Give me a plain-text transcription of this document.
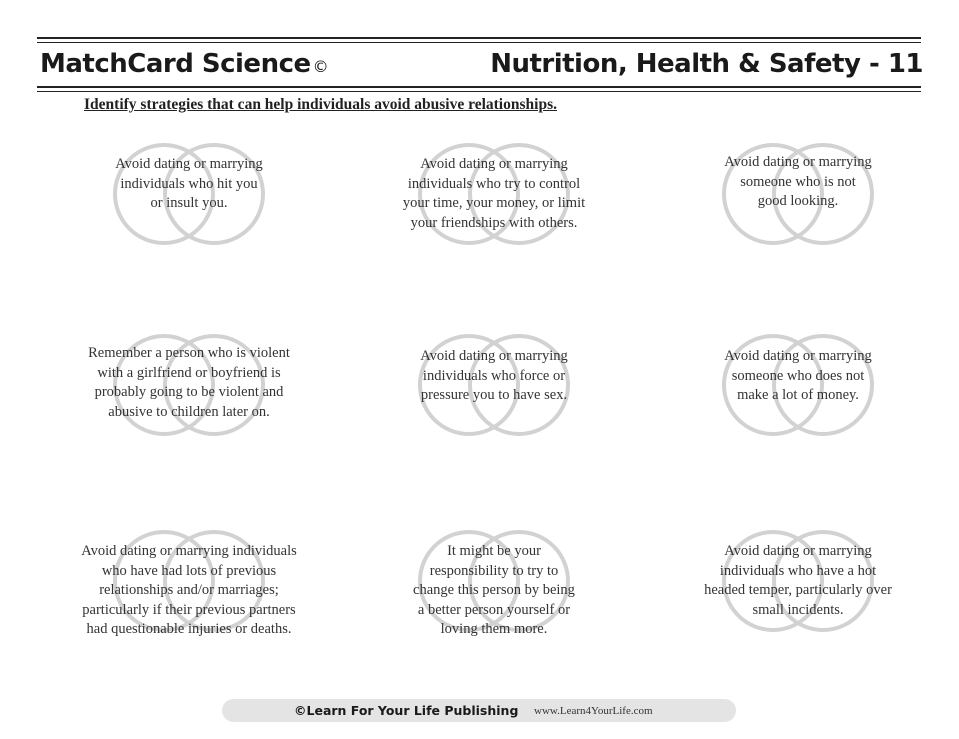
MatchCard Science ©	Nutrition, Health & Safety - 11
Identify strategies that can help individuals avoid abusive relationships.
Avoid dating or marrying
individuals who hit you
or insult you.
Avoid dating or marrying
individuals who try to control
your time, your money, or limit
your friendships with others.
Avoid dating or marrying
someone who is not
good looking.
Remember a person who is violent
with a girlfriend or boyfriend is
probably going to be violent and
abusive to children later on.
Avoid dating or marrying
individuals who force or
pressure you to have sex.
Avoid dating or marrying
someone who does not
make a lot of money.
Avoid dating or marrying individuals
who have had lots of previous
relationships and/or marriages;
particularly if their previous partners
had questionable injuries or deaths.
It might be your
responsibility to try to
change this person by being
a better person yourself or
loving them more.
Avoid dating or marrying
individuals who have a hot
headed temper, particularly over
small incidents.
©Learn For Your Life Publishing www.Learn4YourLife.com
